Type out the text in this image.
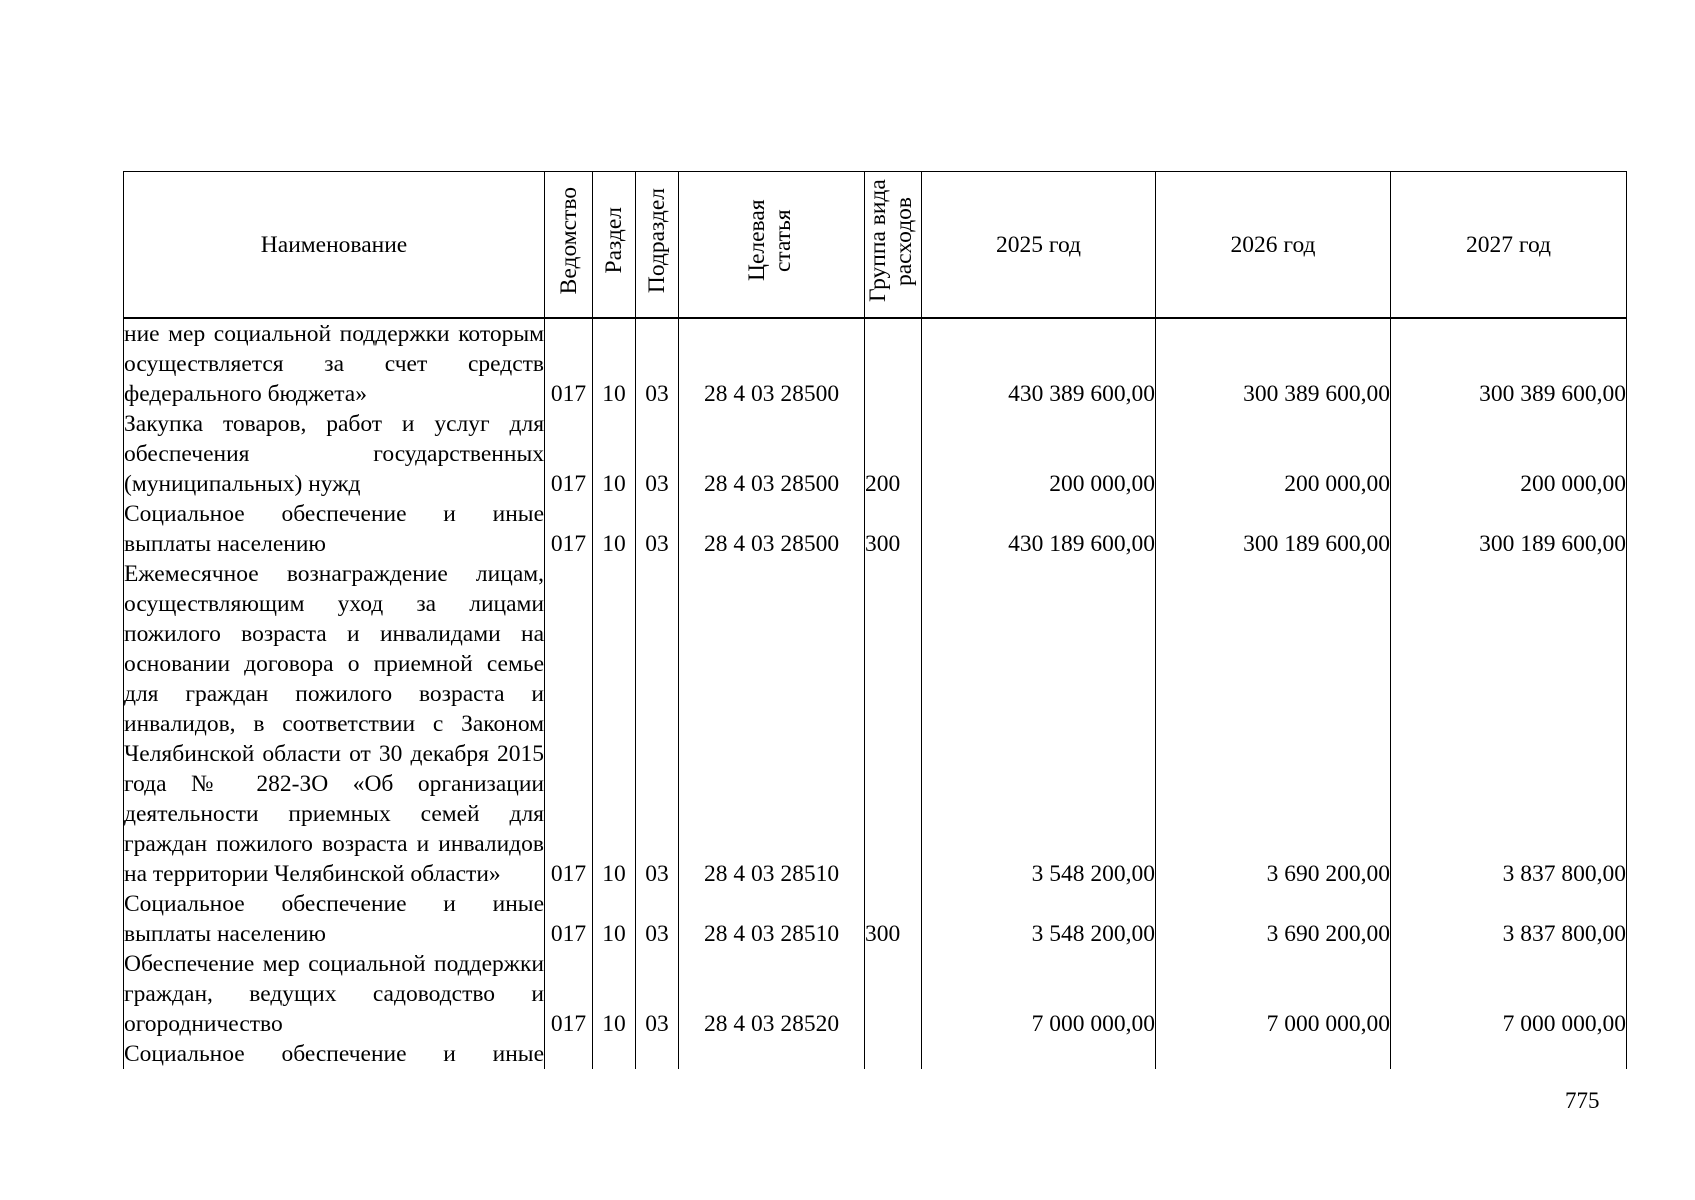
Наименование	Ведомство	Раздел	Подраздел	Целевая статья	Группа вида расходов	2025 год	2026 год	2027 год
ние мер социальной поддержки которым осуществляется за счет средств федерального бюджета»	017	10	03	28 4 03 28500		430 389 600,00	300 389 600,00	300 389 600,00
Закупка товаров, работ и услуг для обеспечения государственных (муниципальных) нужд	017	10	03	28 4 03 28500	200	200 000,00	200 000,00	200 000,00
Социальное обеспечение и иные выплаты населению	017	10	03	28 4 03 28500	300	430 189 600,00	300 189 600,00	300 189 600,00
Ежемесячное вознаграждение лицам, осуществляющим уход за лицами пожилого возраста и инвалидами на основании договора о приемной семье для граждан пожилого возраста и инвалидов, в соответствии с Законом Челябинской области от 30 декабря 2015 года № 282-ЗО «Об организации деятельности приемных семей для граждан пожилого возраста и инвалидов на территории Челябинской области»	017	10	03	28 4 03 28510		3 548 200,00	3 690 200,00	3 837 800,00
Социальное обеспечение и иные выплаты населению	017	10	03	28 4 03 28510	300	3 548 200,00	3 690 200,00	3 837 800,00
Обеспечение мер социальной поддержки граждан, ведущих садоводство и огородничество	017	10	03	28 4 03 28520		7 000 000,00	7 000 000,00	7 000 000,00
Социальное обеспечение и иные								
775
